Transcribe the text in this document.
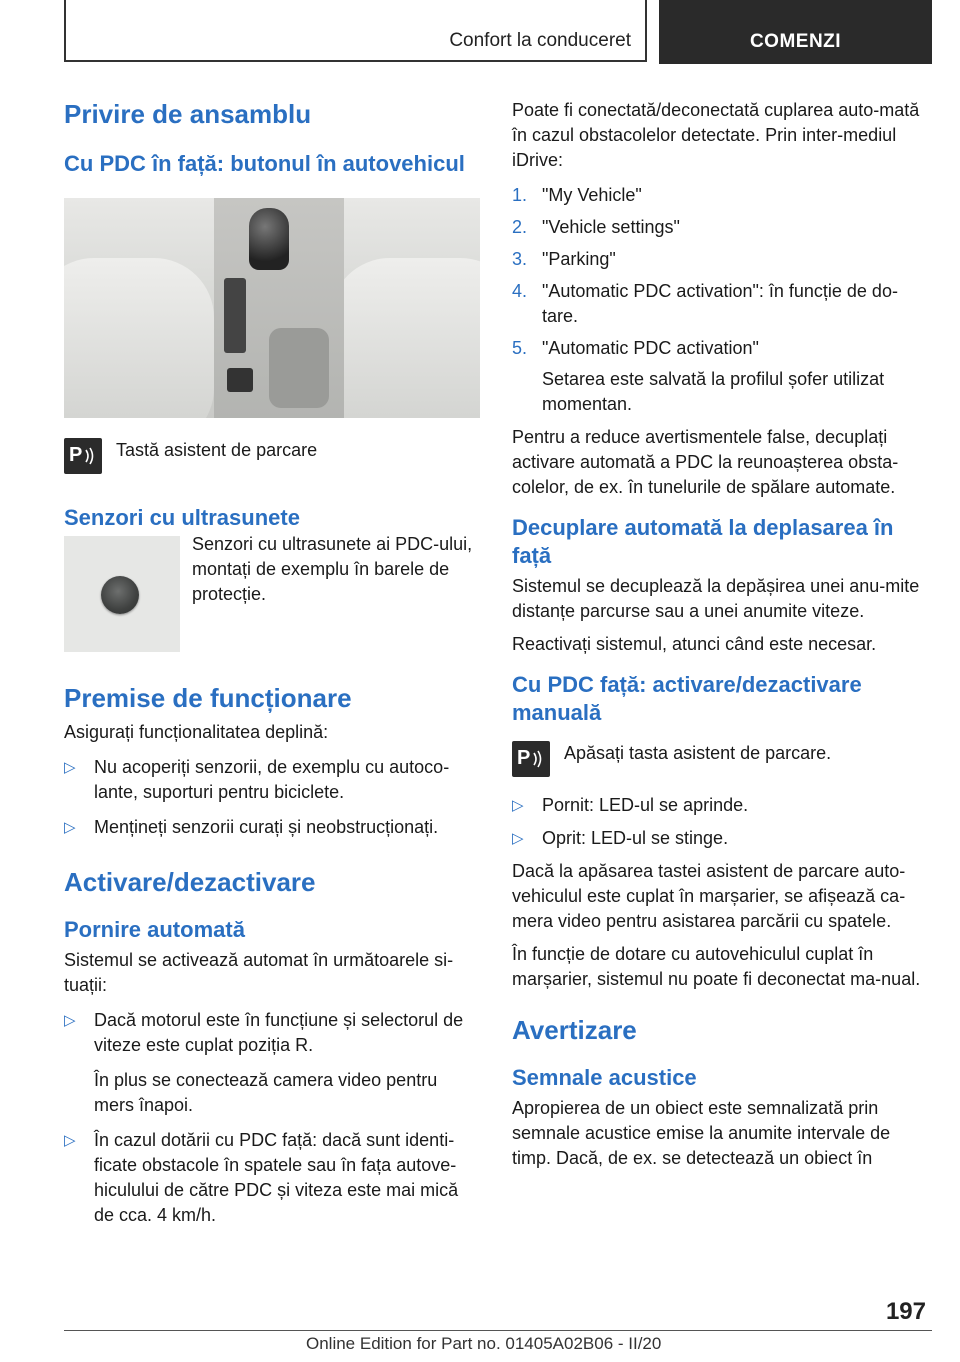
Confort la conduceret	COMENZI
Privire de ansamblu
Cu PDC în față: butonul în autovehicul
P Tastă asistent de parcare

Senzori cu ultrasunete

Senzori cu ultrasunete ai PDC-ului, montați de exemplu în barele de protecție.

Premise de funcționare

Asigurați funcționalitatea deplină:

▷	Nu acoperiți senzorii, de exemplu cu autoco-lante, suporturi pentru biciclete.
▷	Mențineți senzorii curați și neobstrucționați.
Activare/dezactivare
Pornire automată

Sistemul se activează automat în următoarele si-tuații:

▷	Dacă motorul este în funcțiune și selectorul de viteze este cuplat poziția R.

În plus se conectează camera video pentru mers înapoi.

▷	În cazul dotării cu PDC față: dacă sunt identi-ficate obstacole în spatele sau în fața autove-hiculului de către PDC și viteza este mai mică de cca. 4 km/h.

Poate fi conectată/deconectată cuplarea auto-mată în cazul obstacolelor detectate. Prin inter-mediul iDrive:

1. "My Vehicle"
2. "Vehicle settings"
3. "Parking"
4. "Automatic PDC activation": în funcție de do-tare.
5. "Automatic PDC activation"

Setarea este salvată la profilul șofer utilizat momentan.

Pentru a reduce avertismentele false, decuplați activare automată a PDC la reunoașterea obsta-colelor, de ex. în tunelurile de spălare automate.

Decuplare automată la deplasarea în față

Sistemul se decuplează la depășirea unei anu-mite distanțe parcurse sau a unei anumite viteze.

Reactivați sistemul, atunci când este necesar.

Cu PDC față: activare/dezactivare manuală
P Apăsați tasta asistent de parcare.

▷	Pornit: LED-ul se aprinde.
▷	Oprit: LED-ul se stinge.

Dacă la apăsarea tastei asistent de parcare auto-vehiculul este cuplat în marșarier, se afișează ca-mera video pentru asistarea parcării cu spatele.

În funcție de dotare cu autovehiculul cuplat în marșarier, sistemul nu poate fi deconectat ma-nual.

Avertizare
Semnale acustice

Apropierea de un obiect este semnalizată prin semnale acustice emise la anumite intervale de timp. Dacă, de ex. se detectează un obiect în

197
Online Edition for Part no. 01405A02B06 - II/20
